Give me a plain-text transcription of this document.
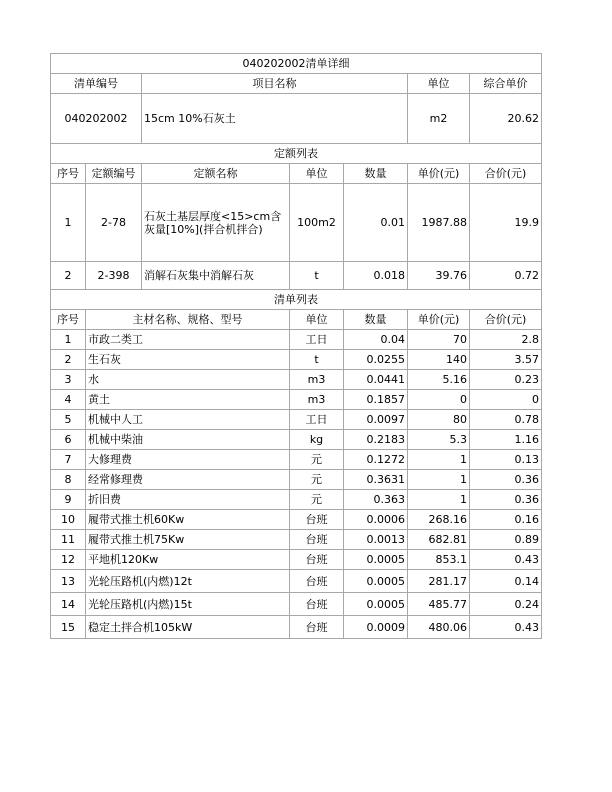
040202002清单详细						
清单编号		项目名称			单位	综合单价
040202002		15cm 10%石灰土			m2	20.62
定额列表						
序号	定额编号	定额名称	单位	数量	单价(元)	合价(元)
1	2-78	石灰土基层厚度<15>cm含灰量[10%](拌合机拌合)	100m2	0.01	1987.88	19.9
2	2-398	消解石灰集中消解石灰	t	0.018	39.76	0.72
清单列表						
序号	主材名称、规格、型号		单位	数量	单价(元)	合价(元)
1	市政二类工		工日	0.04	70	2.8
2	生石灰		t	0.0255	140	3.57
3	水		m3	0.0441	5.16	0.23
4	黄土		m3	0.1857	0	0
5	机械中人工		工日	0.0097	80	0.78
6	机械中柴油		kg	0.2183	5.3	1.16
7	大修理费		元	0.1272	1	0.13
8	经常修理费		元	0.3631	1	0.36
9	折旧费		元	0.363	1	0.36
10	履带式推土机60Kw		台班	0.0006	268.16	0.16
11	履带式推土机75Kw		台班	0.0013	682.81	0.89
12	平地机120Kw		台班	0.0005	853.1	0.43
13	光轮压路机(内燃)12t		台班	0.0005	281.17	0.14
14	光轮压路机(内燃)15t		台班	0.0005	485.77	0.24
15	稳定土拌合机105kW		台班	0.0009	480.06	0.43
